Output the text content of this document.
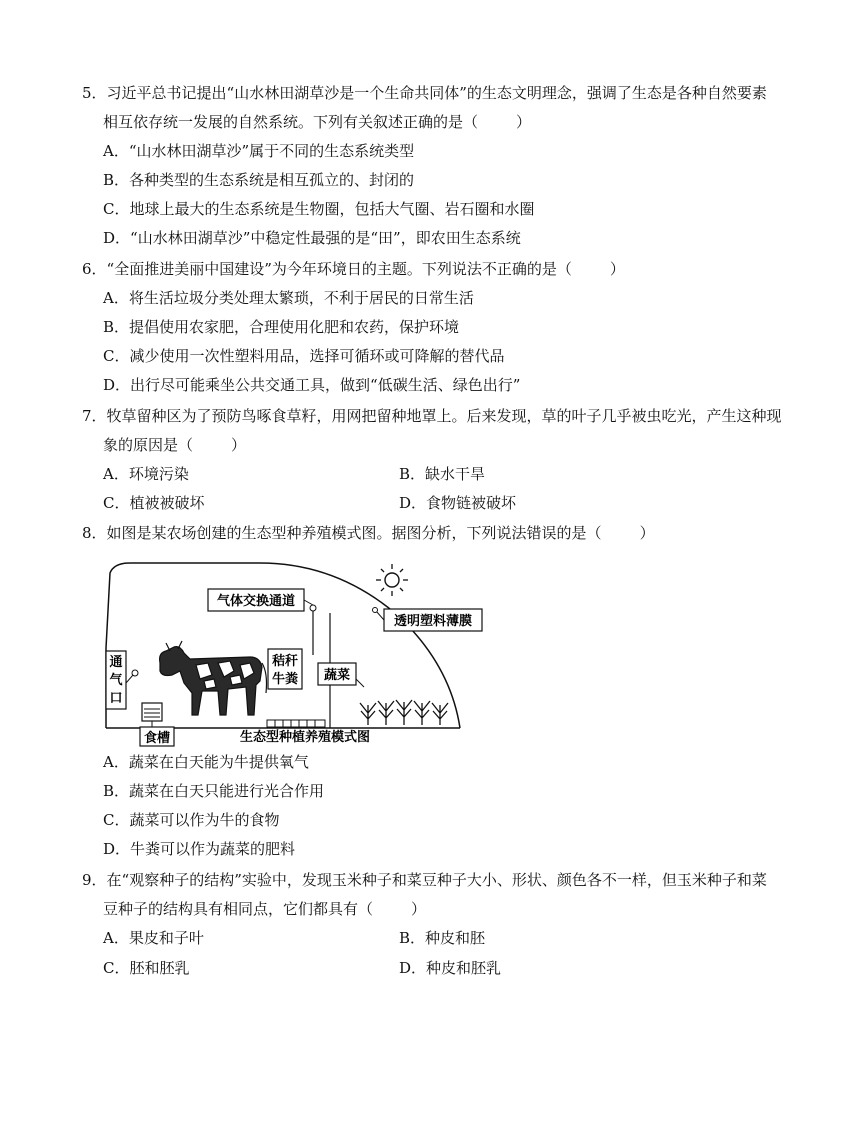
5．习近平总书记提出“山水林田湖草沙是一个生命共同体”的生态文明理念，强调了生态是各种自然要素
相互依存统一发展的自然系统。下列有关叙述正确的是（	）
A．“山水林田湖草沙”属于不同的生态系统类型
B．各种类型的生态系统是相互孤立的、封闭的
C．地球上最大的生态系统是生物圈，包括大气圈、岩石圈和水圈
D．“山水林田湖草沙”中稳定性最强的是“田”，即农田生态系统
6．“全面推进美丽中国建设”为今年环境日的主题。下列说法不正确的是（	）
A．将生活垃圾分类处理太繁琐，不利于居民的日常生活
B．提倡使用农家肥，合理使用化肥和农药，保护环境
C．减少使用一次性塑料用品，选择可循环或可降解的替代品
D．出行尽可能乘坐公共交通工具，做到“低碳生活、绿色出行”
7．牧草留种区为了预防鸟啄食草籽，用网把留种地罩上。后来发现，草的叶子几乎被虫吃光，产生这种现
象的原因是（	）
A．环境污染	B．缺水干旱
C．植被被破坏	D．食物链被破坏
8．如图是某农场创建的生态型种养殖模式图。据图分析，下列说法错误的是（	）
气体交换通道
透明塑料薄膜
秸秆
牛粪 蔬菜
通
气
口
食槽	生态型种植养殖模式图
A．蔬菜在白天能为牛提供氧气
B．蔬菜在白天只能进行光合作用
C．蔬菜可以作为牛的食物
D．牛粪可以作为蔬菜的肥料
9．在“观察种子的结构”实验中，发现玉米种子和菜豆种子大小、形状、颜色各不一样，但玉米种子和菜
豆种子的结构具有相同点，它们都具有（	）
A．果皮和子叶	B．种皮和胚
C．胚和胚乳	D．种皮和胚乳
